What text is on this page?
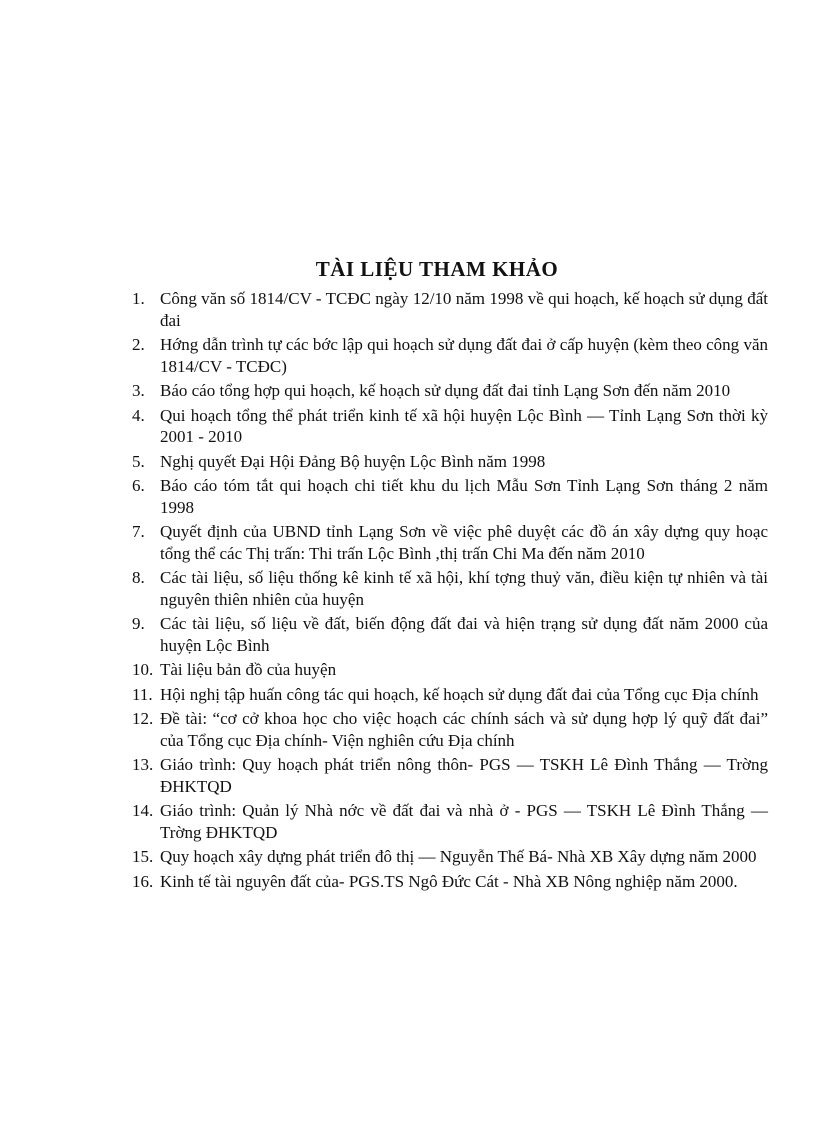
TÀI LIỆU THAM KHẢO
1. Công văn số 1814/CV - TCĐC ngày 12/10 năm 1998 về qui hoạch, kế hoạch sử dụng đất đai
2. Hớng dẫn trình tự các bớc lập qui hoạch sử dụng đất đai ở cấp huyện (kèm theo công văn 1814/CV - TCĐC)
3. Báo cáo tổng hợp qui hoạch, kế hoạch sử dụng đất đai tỉnh Lạng Sơn đến năm 2010
4. Qui hoạch tổng thể phát triển kinh tế xã hội huyện Lộc Bình — Tỉnh Lạng Sơn thời kỳ 2001 - 2010
5. Nghị quyết Đại Hội Đảng Bộ huyện Lộc Bình năm 1998
6. Báo cáo tóm tắt qui hoạch chi tiết khu du lịch Mẫu Sơn Tỉnh Lạng Sơn tháng 2 năm 1998
7. Quyết định của UBND tỉnh Lạng Sơn về việc phê duyệt các đồ án xây dựng quy hoạc tổng thể các Thị trấn: Thi trấn Lộc Bình ,thị trấn Chi Ma đến năm 2010
8. Các tài liệu, số liệu thống kê kinh tế xã hội, khí tợng thuỷ văn, điều kiện tự nhiên và tài nguyên thiên nhiên của huyện
9. Các tài liệu, số liệu về đất, biến động đất đai và hiện trạng sử dụng đất năm 2000 của huyện Lộc Bình
10. Tài liệu bản đồ của huyện
11. Hội nghị tập huấn công tác qui hoạch, kế hoạch sử dụng đất đai của Tổng cục Địa chính
12. Đề tài: “cơ cở khoa học cho việc hoạch các chính sách và sử dụng hợp lý quỹ đất đai” của Tổng cục Địa chính- Viện nghiên cứu Địa chính
13. Giáo trình: Quy hoạch phát triển nông thôn- PGS — TSKH Lê Đình Thắng — Trờng ĐHKTQD
14. Giáo trình: Quản lý Nhà nớc về đất đai và nhà ở - PGS — TSKH Lê Đình Thắng — Trờng ĐHKTQD
15. Quy hoạch xây dựng phát triển đô thị — Nguyễn Thế Bá- Nhà XB Xây dựng năm 2000
16. Kinh tế tài nguyên đất của- PGS.TS Ngô Đức Cát - Nhà XB Nông nghiệp năm 2000.
